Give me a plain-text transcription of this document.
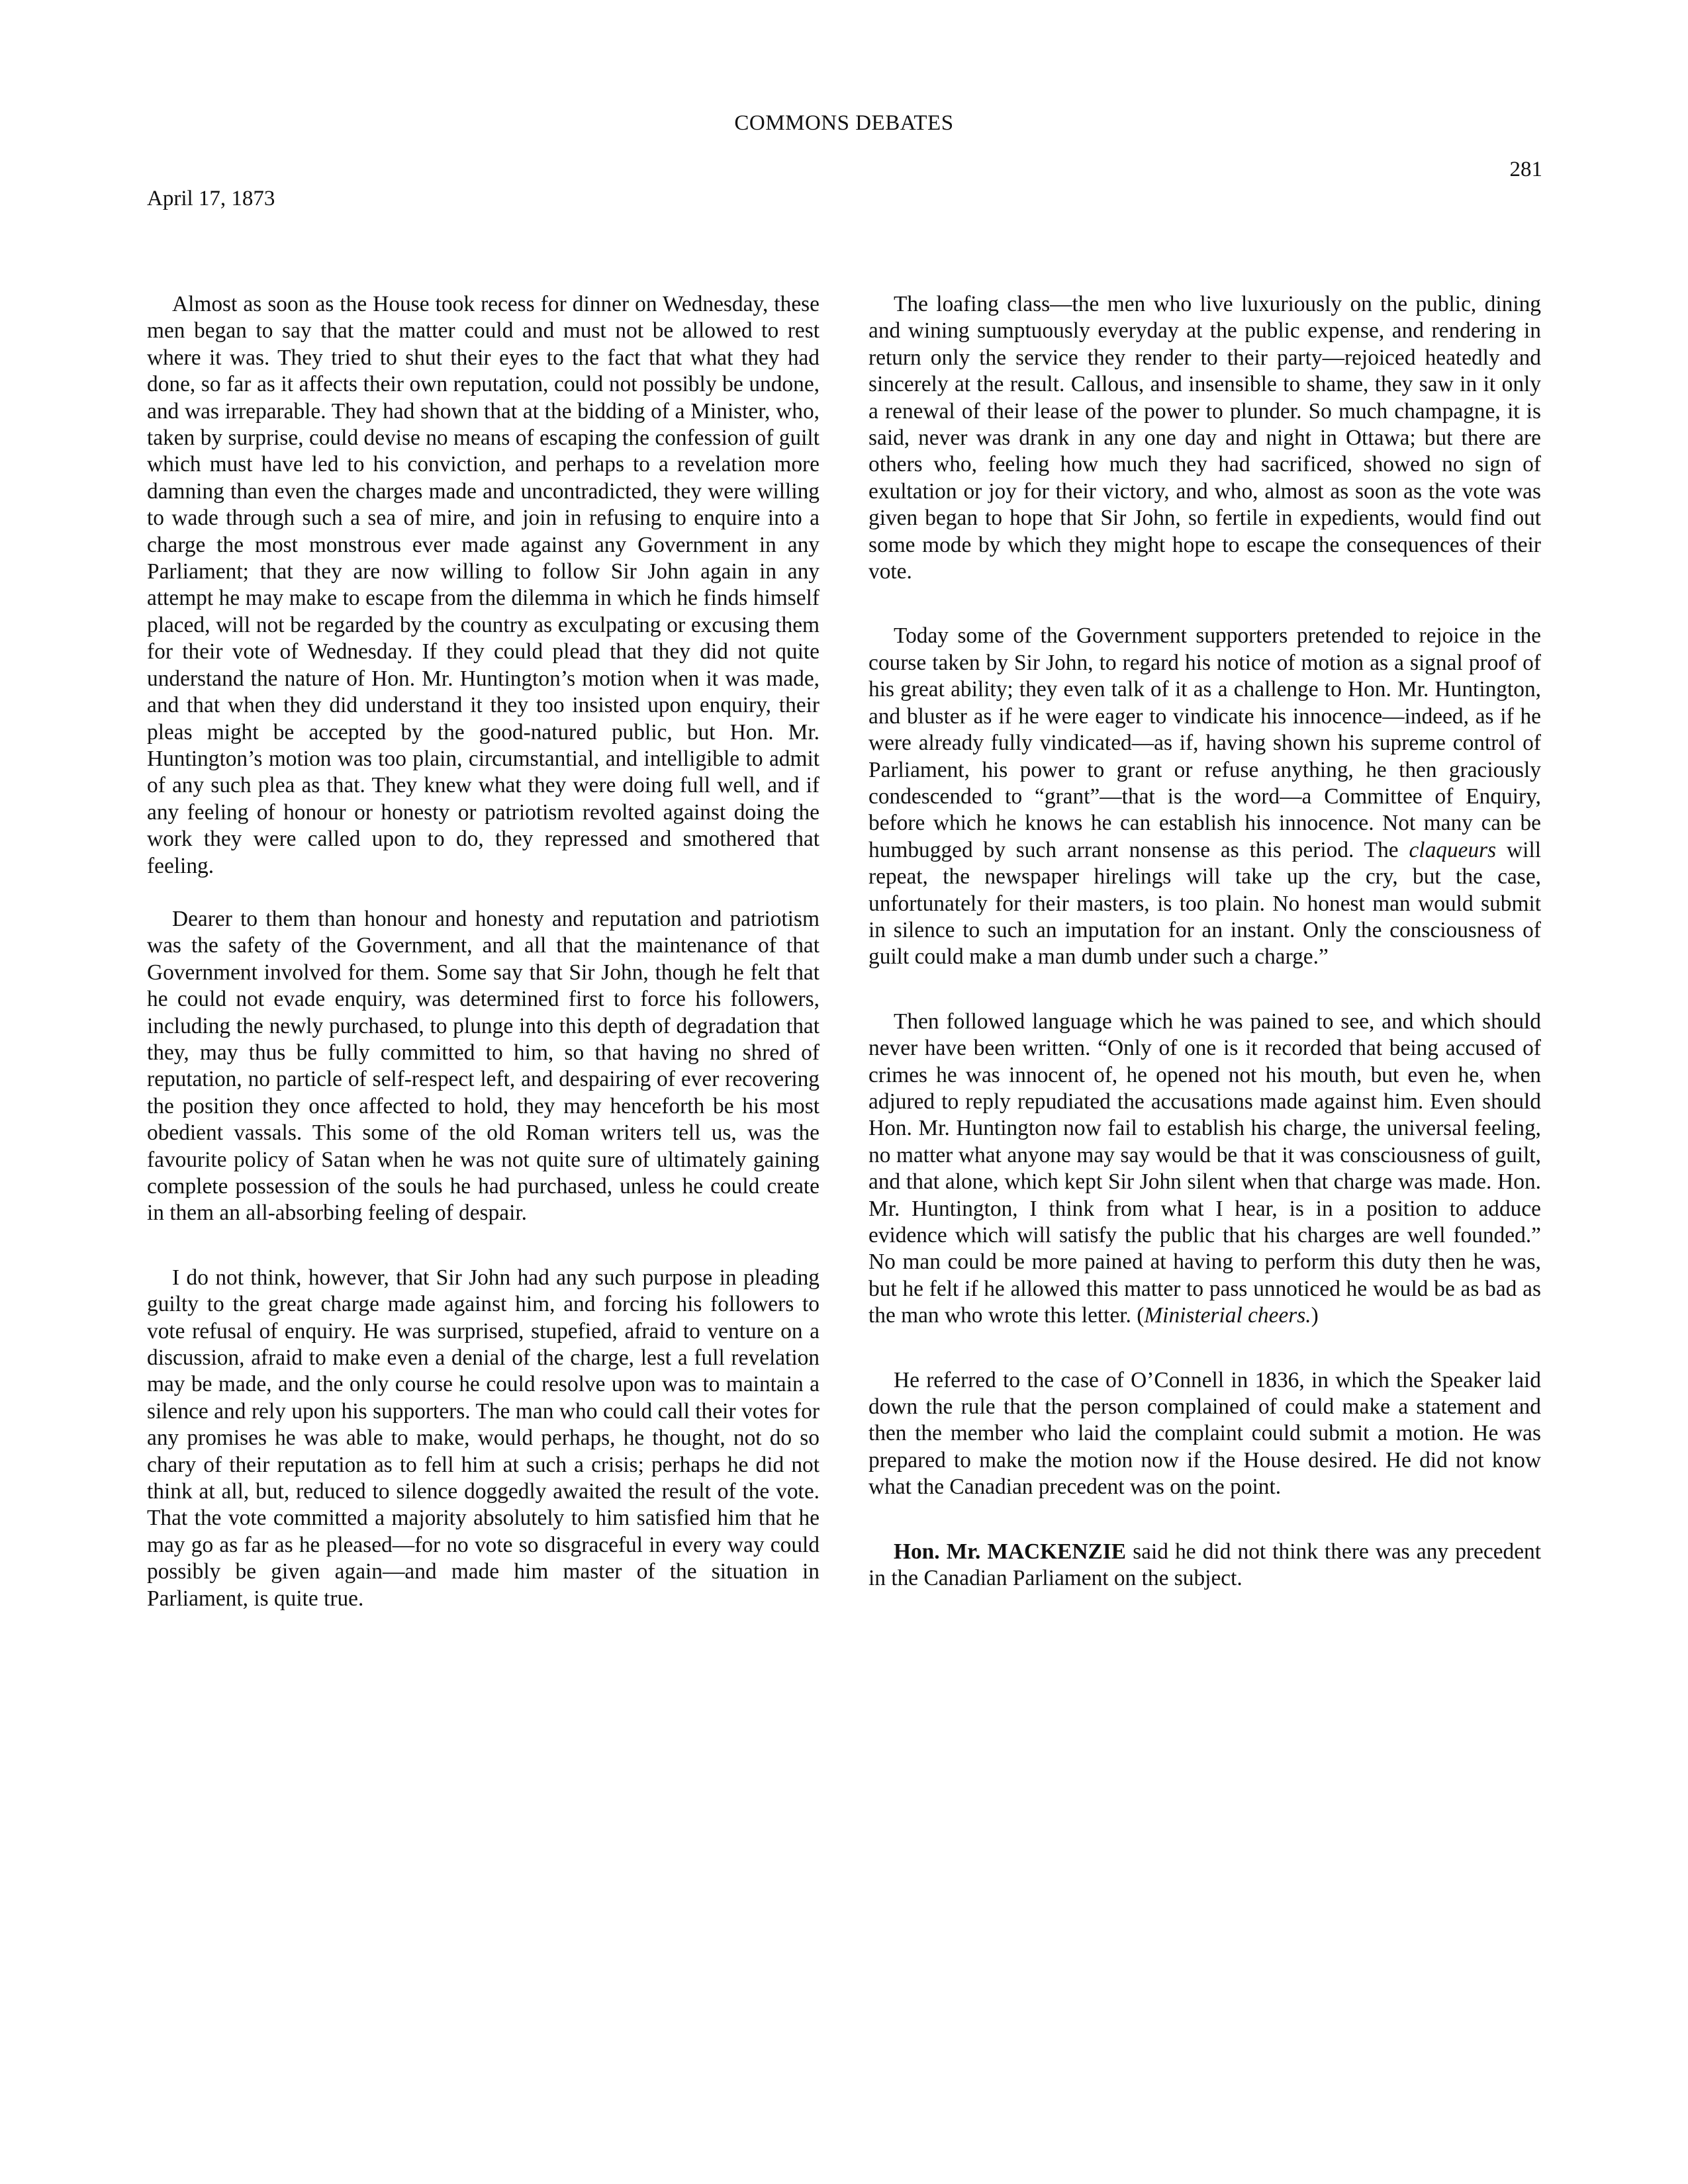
COMMONS DEBATES
281
April 17, 1873

Almost as soon as the House took recess for dinner on Wednesday, these men began to say that the matter could and must not be allowed to rest where it was. They tried to shut their eyes to the fact that what they had done, so far as it affects their own reputation, could not possibly be undone, and was irreparable. They had shown that at the bidding of a Minister, who, taken by surprise, could devise no means of escaping the confession of guilt which must have led to his conviction, and perhaps to a revelation more damning than even the charges made and uncontradicted, they were willing to wade through such a sea of mire, and join in refusing to enquire into a charge the most monstrous ever made against any Government in any Parliament; that they are now willing to follow Sir John again in any attempt he may make to escape from the dilemma in which he finds himself placed, will not be regarded by the country as exculpating or excusing them for their vote of Wednesday. If they could plead that they did not quite understand the nature of Hon. Mr. Huntington’s motion when it was made, and that when they did understand it they too insisted upon enquiry, their pleas might be accepted by the good-natured public, but Hon. Mr. Huntington’s motion was too plain, circumstantial, and intelligible to admit of any such plea as that. They knew what they were doing full well, and if any feeling of honour or honesty or patriotism revolted against doing the work they were called upon to do, they repressed and smothered that feeling.

Dearer to them than honour and honesty and reputation and patriotism was the safety of the Government, and all that the maintenance of that Government involved for them. Some say that Sir John, though he felt that he could not evade enquiry, was determined first to force his followers, including the newly purchased, to plunge into this depth of degradation that they, may thus be fully committed to him, so that having no shred of reputation, no particle of self-respect left, and despairing of ever recovering the position they once affected to hold, they may henceforth be his most obedient vassals. This some of the old Roman writers tell us, was the favourite policy of Satan when he was not quite sure of ultimately gaining complete possession of the souls he had purchased, unless he could create in them an all-absorbing feeling of despair.

I do not think, however, that Sir John had any such purpose in pleading guilty to the great charge made against him, and forcing his followers to vote refusal of enquiry. He was surprised, stupefied, afraid to venture on a discussion, afraid to make even a denial of the charge, lest a full revelation may be made, and the only course he could resolve upon was to maintain a silence and rely upon his supporters. The man who could call their votes for any promises he was able to make, would perhaps, he thought, not do so chary of their reputation as to fell him at such a crisis; perhaps he did not think at all, but, reduced to silence doggedly awaited the result of the vote. That the vote committed a majority absolutely to him satisfied him that he may go as far as he pleased—for no vote so disgraceful in every way could possibly be given again—and made him master of the situation in Parliament, is quite true.

The loafing class—the men who live luxuriously on the public, dining and wining sumptuously everyday at the public expense, and rendering in return only the service they render to their party—rejoiced heatedly and sincerely at the result. Callous, and insensible to shame, they saw in it only a renewal of their lease of the power to plunder. So much champagne, it is said, never was drank in any one day and night in Ottawa; but there are others who, feeling how much they had sacrificed, showed no sign of exultation or joy for their victory, and who, almost as soon as the vote was given began to hope that Sir John, so fertile in expedients, would find out some mode by which they might hope to escape the consequences of their vote.

Today some of the Government supporters pretended to rejoice in the course taken by Sir John, to regard his notice of motion as a signal proof of his great ability; they even talk of it as a challenge to Hon. Mr. Huntington, and bluster as if he were eager to vindicate his innocence—indeed, as if he were already fully vindicated—as if, having shown his supreme control of Parliament, his power to grant or refuse anything, he then graciously condescended to “grant”—that is the word—a Committee of Enquiry, before which he knows he can establish his innocence. Not many can be humbugged by such arrant nonsense as this period. The claqueurs will repeat, the newspaper hirelings will take up the cry, but the case, unfortunately for their masters, is too plain. No honest man would submit in silence to such an imputation for an instant. Only the consciousness of guilt could make a man dumb under such a charge.”

Then followed language which he was pained to see, and which should never have been written. “Only of one is it recorded that being accused of crimes he was innocent of, he opened not his mouth, but even he, when adjured to reply repudiated the accusations made against him. Even should Hon. Mr. Huntington now fail to establish his charge, the universal feeling, no matter what anyone may say would be that it was consciousness of guilt, and that alone, which kept Sir John silent when that charge was made. Hon. Mr. Huntington, I think from what I hear, is in a position to adduce evidence which will satisfy the public that his charges are well founded.” No man could be more pained at having to perform this duty then he was, but he felt if he allowed this matter to pass unnoticed he would be as bad as the man who wrote this letter. (Ministerial cheers.)

He referred to the case of O’Connell in 1836, in which the Speaker laid down the rule that the person complained of could make a statement and then the member who laid the complaint could submit a motion. He was prepared to make the motion now if the House desired. He did not know what the Canadian precedent was on the point.

Hon. Mr. MACKENZIE said he did not think there was any precedent in the Canadian Parliament on the subject.
